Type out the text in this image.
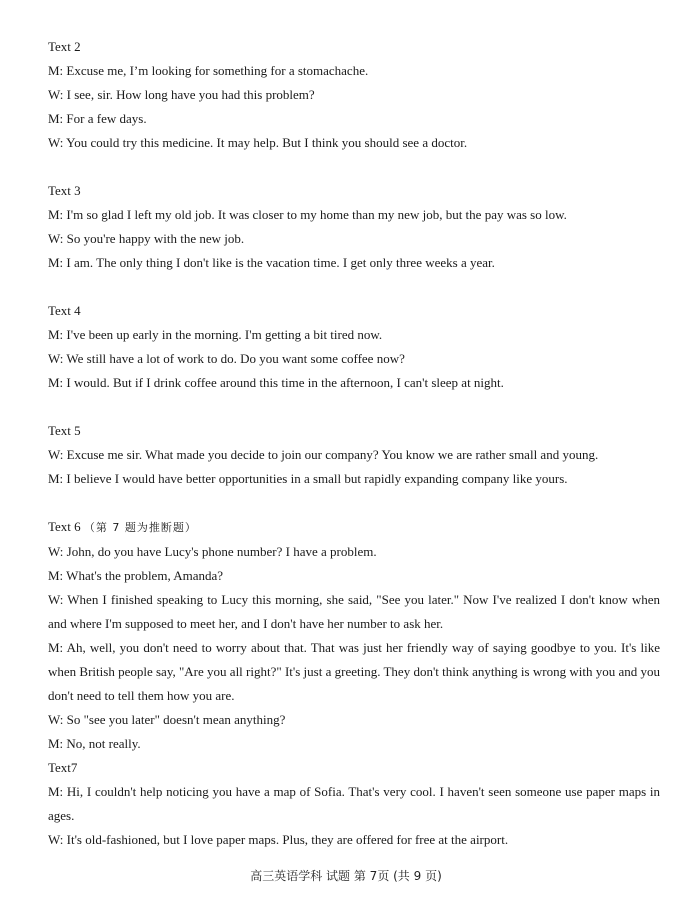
Text 2
M: Excuse me, I’m looking for something for a stomachache.
W: I see, sir. How long have you had this problem?
M: For a few days.
W: You could try this medicine. It may help. But I think you should see a doctor.
Text 3
M: I'm so glad I left my old job. It was closer to my home than my new job, but the pay was so low.
W: So you're happy with the new job.
M: I am. The only thing I don't like is the vacation time. I get only three weeks a year.
Text 4
M: I've been up early in the morning. I'm getting a bit tired now.
W: We still have a lot of work to do. Do you want some coffee now?
M: I would. But if I drink coffee around this time in the afternoon, I can't sleep at night.
Text 5
W: Excuse me sir. What made you decide to join our company? You know we are rather small and young.
M: I believe I would have better opportunities in a small but rapidly expanding company like yours.
Text 6 （第 7 题为推断题）
W: John, do you have Lucy's phone number? I have a problem.
M: What's the problem, Amanda?
W: When I finished speaking to Lucy this morning, she said, "See you later." Now I've realized I don't know when and where I'm supposed to meet her, and I don't have her number to ask her.
M: Ah, well, you don't need to worry about that. That was just her friendly way of saying goodbye to you. It's like when British people say, "Are you all right?" It's just a greeting. They don't think anything is wrong with you and you don't need to tell them how you are.
W: So "see you later" doesn't mean anything?
M: No, not really.
Text7
M: Hi, I couldn't help noticing you have a map of Sofia. That's very cool. I haven't seen someone use paper maps in ages.
W: It's old-fashioned, but I love paper maps. Plus, they are offered for free at the airport.
高三英语学科 试题 第 7页 (共 9 页)
